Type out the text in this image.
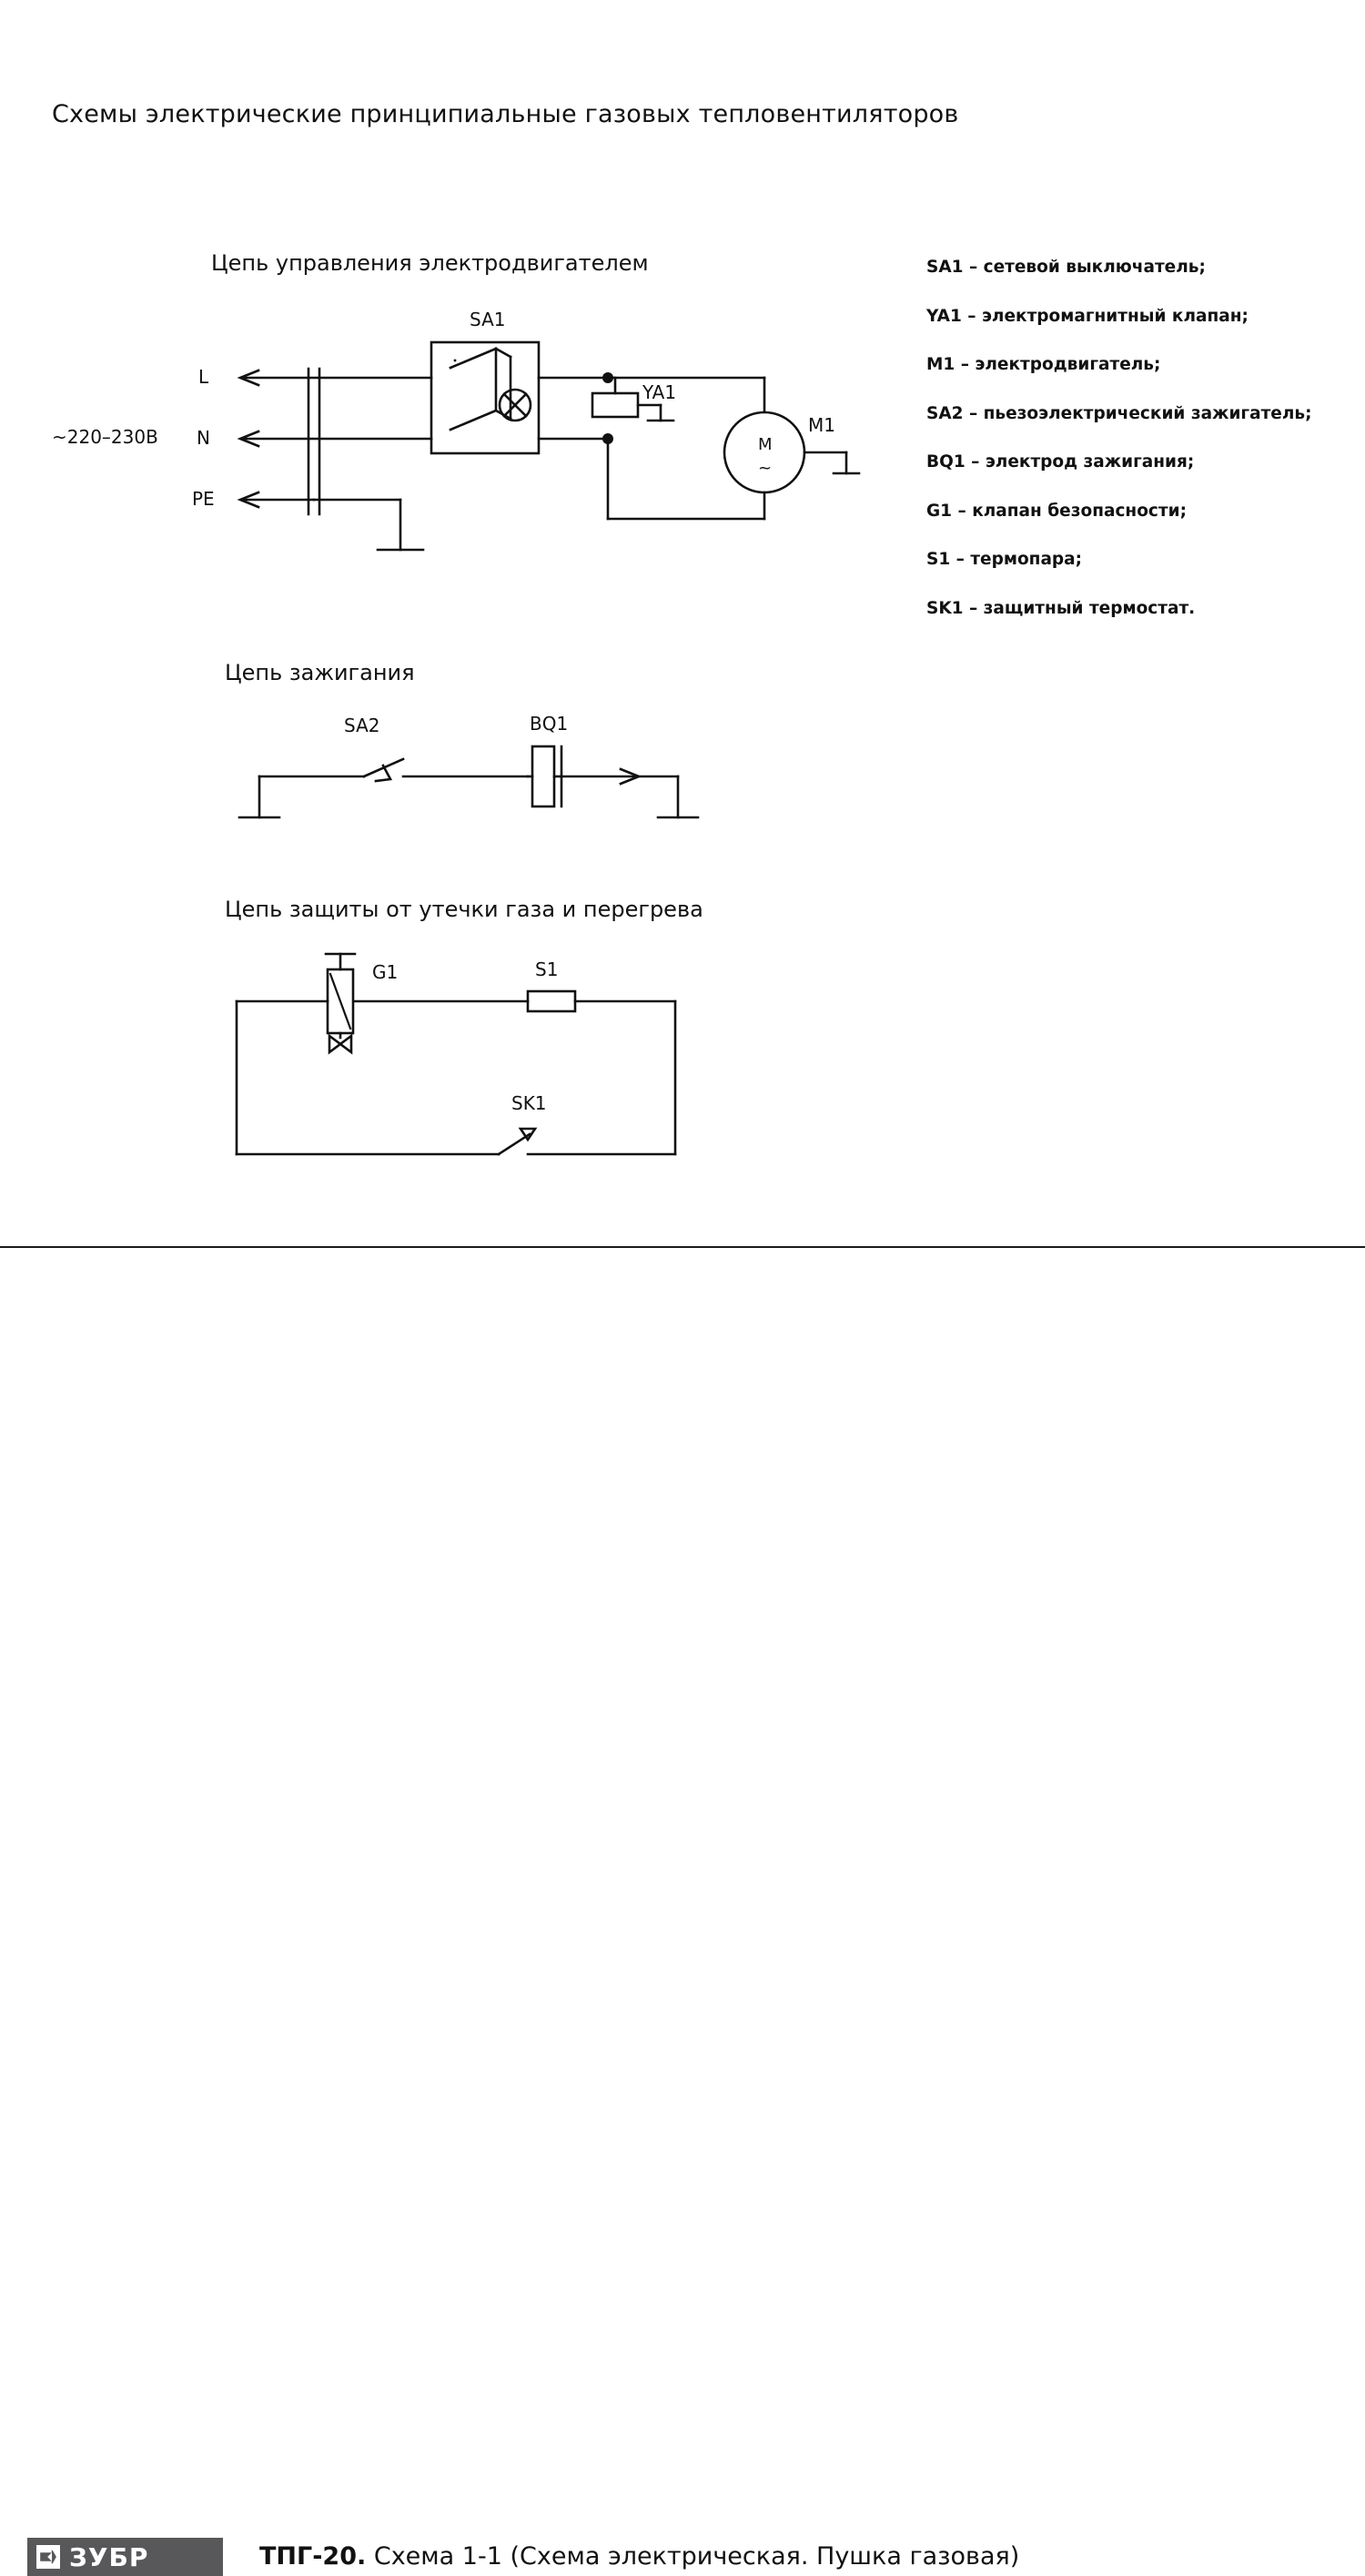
Схемы электрические принципиальные газовых тепловентиляторов
Цепь управления электродвигателем
Цепь зажигания
Цепь защиты от утечки газа и перегрева
~220–230В
L
N
PE
SA1
YA1
M1
M
~
SA2	BQ1
G1	S1
SK1
SA1 – сетевой выключатель;
YA1 – электромагнитный клапан;
M1 – электродвигатель;
SA2 – пьезоэлектрический зажигатель;
BQ1 – электрод зажигания;
G1 – клапан безопасности;
S1 – термопара;
SK1 – защитный термостат.
ЗУБР	ТПГ-20. Схема 1-1 (Схема электрическая. Пушка газовая)
